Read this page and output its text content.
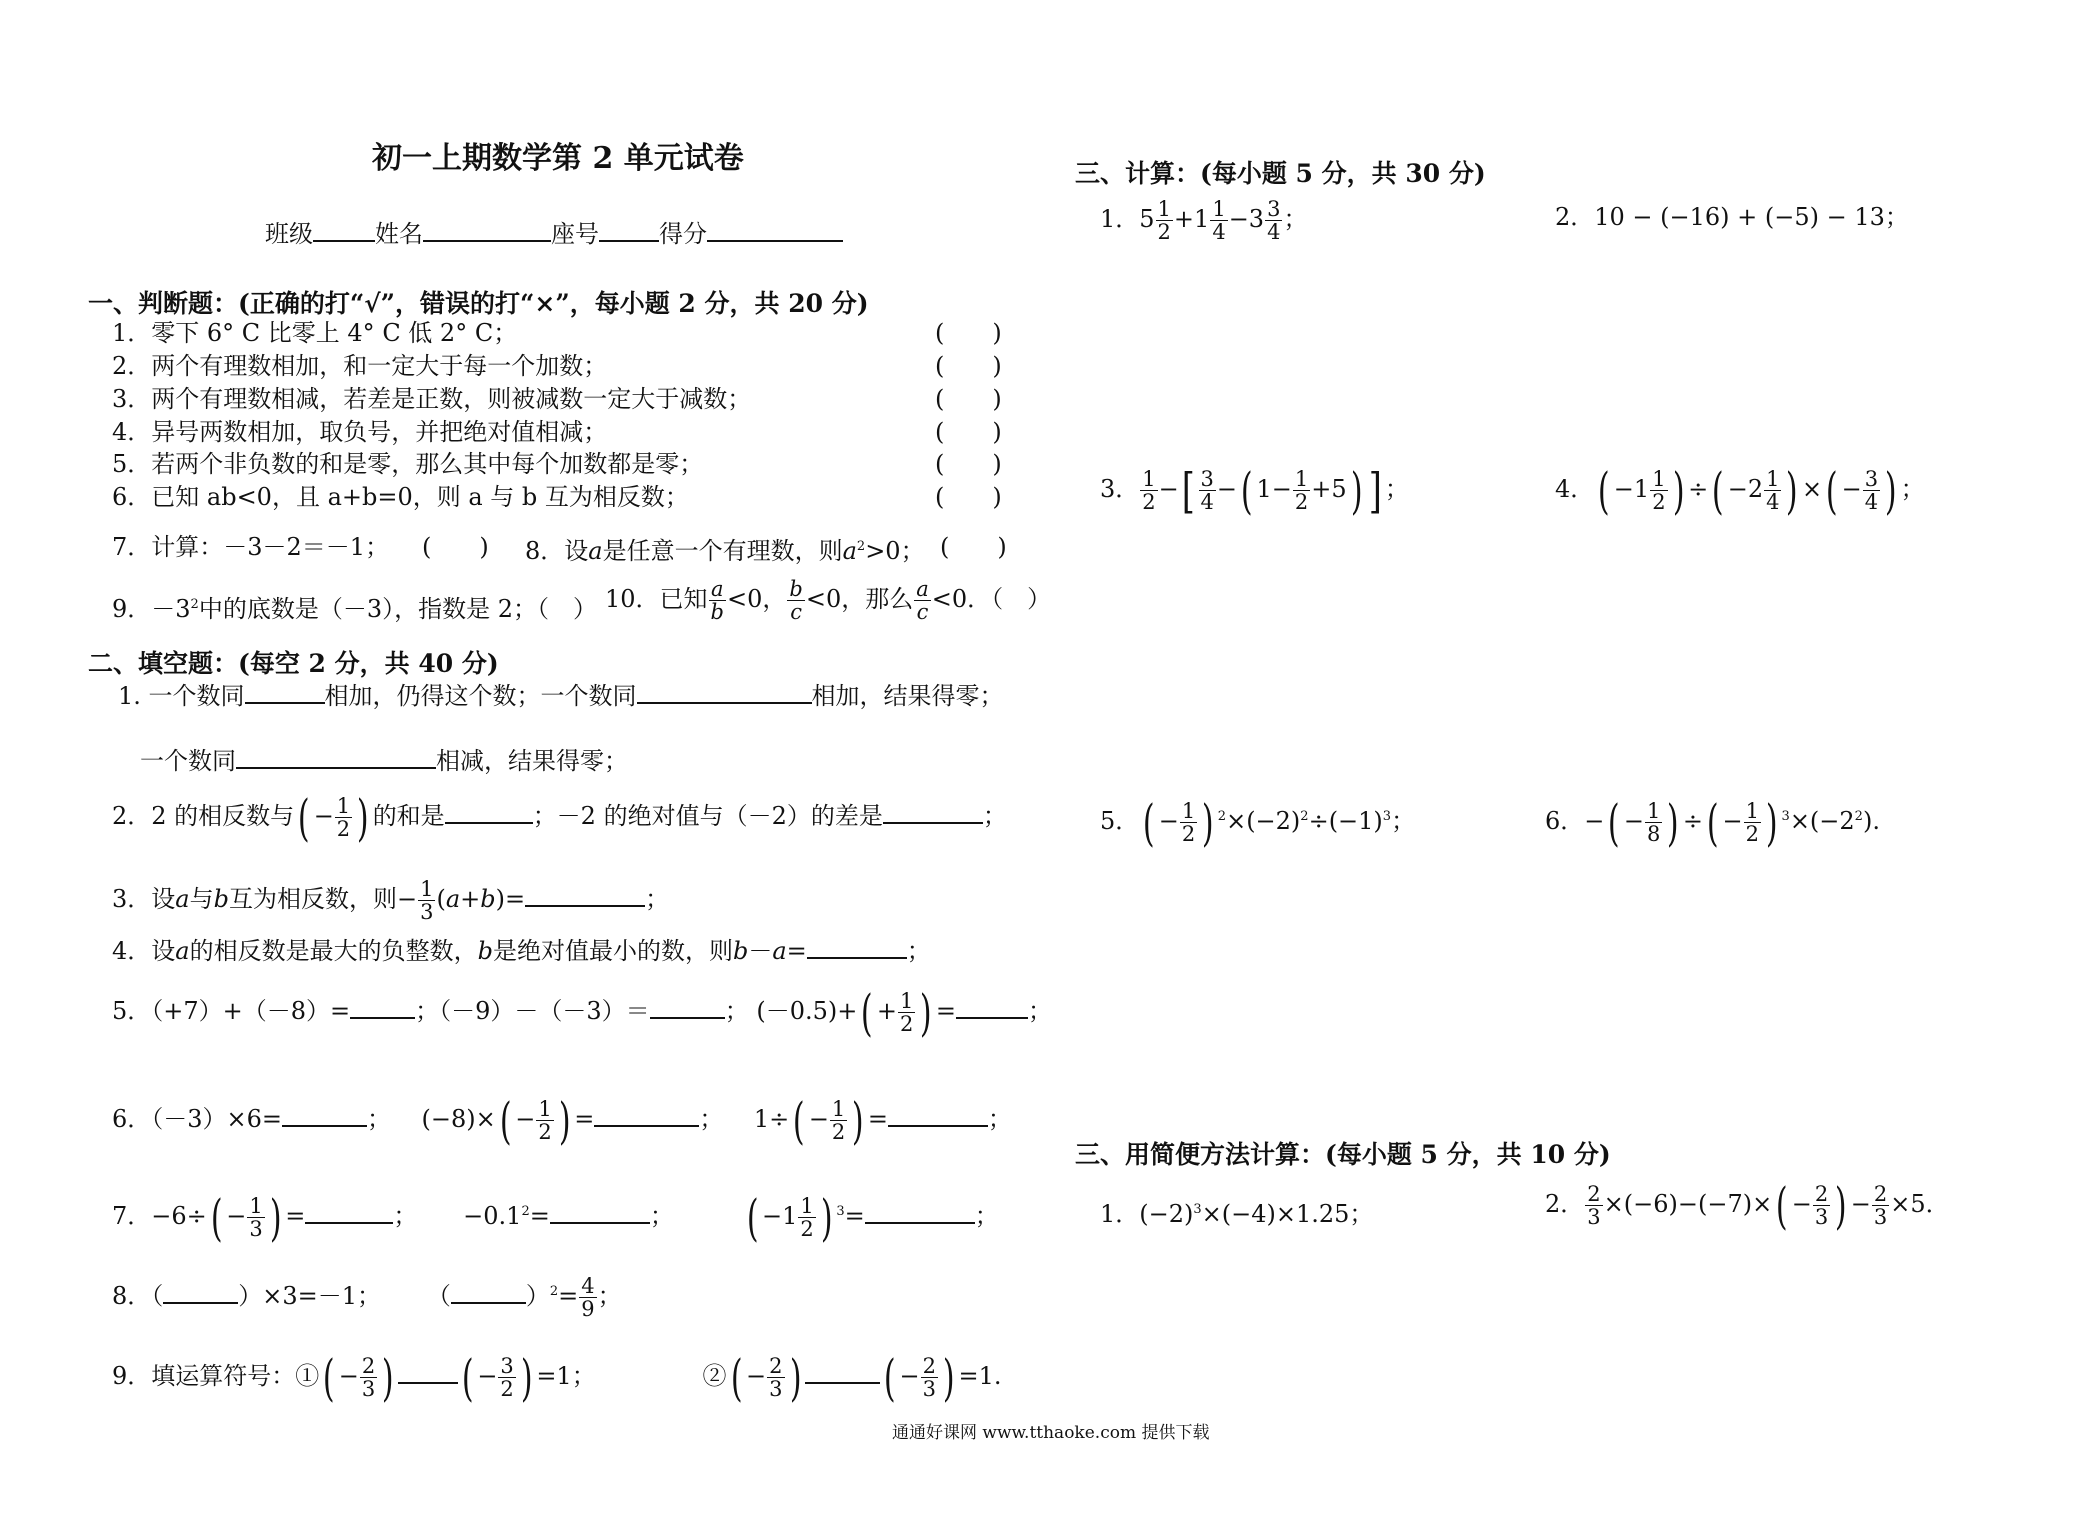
初一上期数学第 2 单元试卷
班级	姓名	座号	得分
一、判断题：(正确的打“√”，错误的打“×”，每小题 2 分，共 20 分)
1．零下 6° C 比零上 4° C 低 2° C；
2．两个有理数相加，和一定大于每一个加数；
3．两个有理数相减，若差是正数，则被减数一定大于减数；
4．异号两数相加，取负号，并把绝对值相减；
5．若两个非负数的和是零，那么其中每个加数都是零；
6．已知 ab<0，且 a+b=0，则 a 与 b 互为相反数；
(　　)
(　　)
(　　)
(　　)
(　　)
(　　)
7．计算：－3－2＝－1； (　　) 8．设a是任意一个有理数，则$a^2>0$； (　　)
9．$-3^2$中的底数是（－3），指数是 2；（　） 10．已知 $\frac{a}{b} <0$， $\frac{b}{c} <0$，那么 $\frac{a}{c} <0$．（　）
二、填空题：(每空 2 分，共 40 分)
1. 一个数同	相加，仍得这个数；一个数同	相加，结果得零；
一个数同	相减，结果得零；
2．2 的相反数与( − $\frac{1}{2}$ ) 的和是	；－2 的绝对值与（－2）的差是	；
3．设a与b互为相反数，则− $\frac{1}{3} (a+b)=$	；
4．设a的相反数是最大的负整数，b是绝对值最小的数，则b－a=	；
5．（+7）+（－8）=	；（－9）－（－3）＝	； $(-0.5)+( + \frac{1}{2}$ ) =	；
6．（－3）×6=	； $(-8)\times( - \frac{1}{2}$ ) =	； $1\div( - \frac{1}{2}$ ) =	；
7．$-6\div( - \frac{1}{3}$ ) =	； $-0.1^2=$	； ( $-1 \frac{1}{2}$ ) $^3$=	；
8．（	）×3=－1； （	）$^2= \frac{4}{9}$ ；
9．填运算符号：①( − $\frac{2}{3}$ ) ( − $\frac{3}{2}$ ) =1；	②( − $\frac{2}{3}$ ) ( − $\frac{2}{3}$ ) =1.
三、计算：(每小题 5 分，共 30 分)
1．$5 \frac{1}{2} +1 \frac{1}{4} -3 \frac{3}{4}$ ；	2．10 − (−16) + (−5) − 13；
3． $\frac{1}{2}$ −[ $\frac{3}{4}$ −( $1- \frac{1}{2} +5$) ] ；	4．( $-1 \frac{1}{2}$ ) ÷( $-2 \frac{1}{4}$ ) ×( − $\frac{3}{4}$ ) ；
5．( − $\frac{1}{2}$ ) $^2\times(-2)^2\div(-1)^3$；	6．−( − $\frac{1}{8}$ ) ÷( − $\frac{1}{2}$ ) $^3\times(-2^2)$.
三、用简便方法计算：(每小题 5 分，共 10 分)
1．$(-2)^3\times(-4)\times 1.25$；	2． $\frac{2}{3} \times(-6)-(-7)\times( - \frac{2}{3}$ ) − $\frac{2}{3} \times 5$．
通通好课网 www.tthaoke.com 提供下载
